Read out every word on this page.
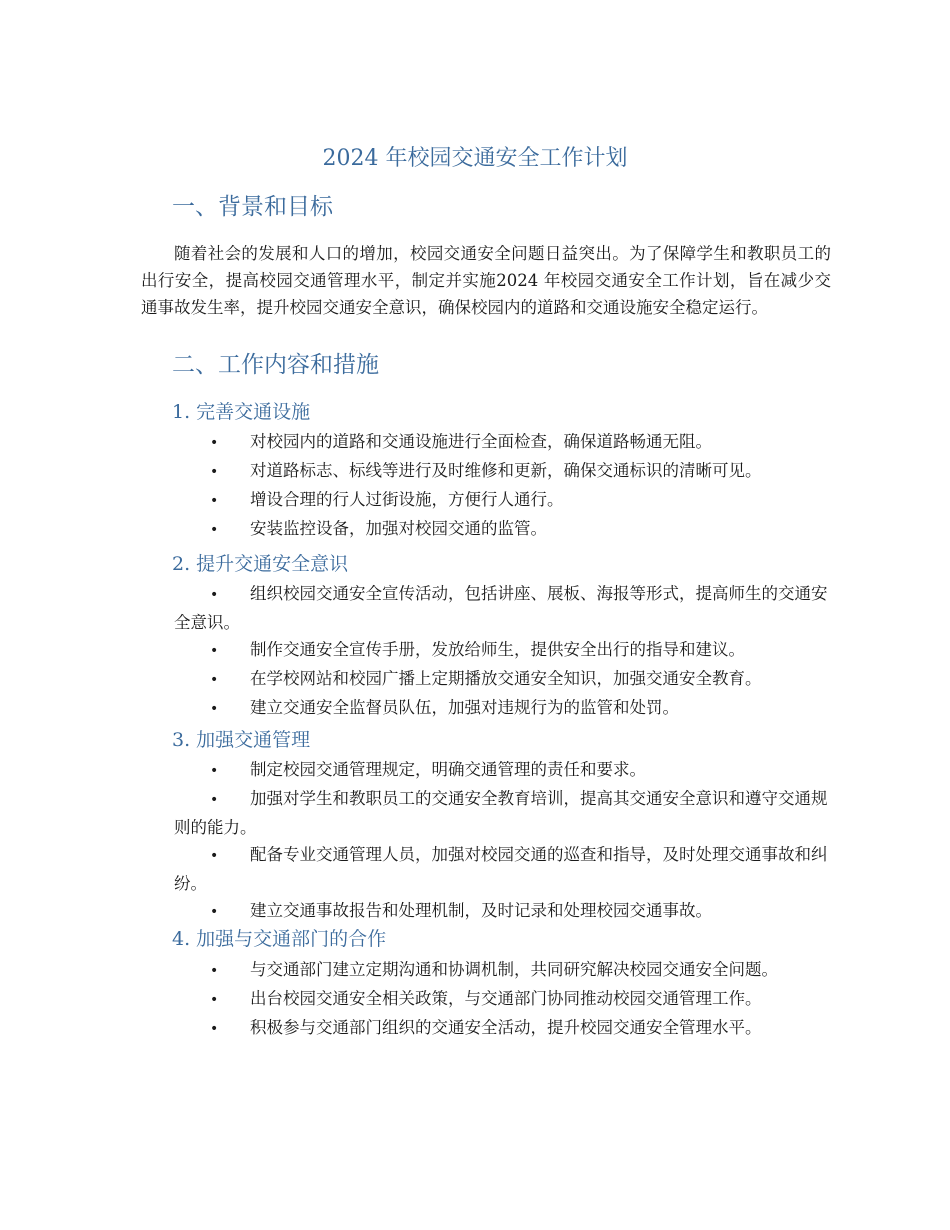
2024 年校园交通安全工作计划
一、背景和目标

随着社会的发展和人口的增加，校园交通安全问题日益突出。为了保障学生和教职员工的出行安全，提高校园交通管理水平，制定并实施2024 年校园交通安全工作计划，旨在减少交通事故发生率，提升校园交通安全意识，确保校园内的道路和交通设施安全稳定运行。

二、工作内容和措施
1. 完善交通设施
• 对校园内的道路和交通设施进行全面检查，确保道路畅通无阻。
• 对道路标志、标线等进行及时维修和更新，确保交通标识的清晰可见。
• 增设合理的行人过街设施，方便行人通行。
• 安装监控设备，加强对校园交通的监管。
2. 提升交通安全意识
• 组织校园交通安全宣传活动，包括讲座、展板、海报等形式，提高师生的交通安全意识。
• 制作交通安全宣传手册，发放给师生，提供安全出行的指导和建议。
• 在学校网站和校园广播上定期播放交通安全知识，加强交通安全教育。
• 建立交通安全监督员队伍，加强对违规行为的监管和处罚。
3. 加强交通管理
• 制定校园交通管理规定，明确交通管理的责任和要求。
• 加强对学生和教职员工的交通安全教育培训，提高其交通安全意识和遵守交通规则的能力。
• 配备专业交通管理人员，加强对校园交通的巡查和指导，及时处理交通事故和纠纷。
• 建立交通事故报告和处理机制，及时记录和处理校园交通事故。
4. 加强与交通部门的合作
• 与交通部门建立定期沟通和协调机制，共同研究解决校园交通安全问题。
• 出台校园交通安全相关政策，与交通部门协同推动校园交通管理工作。
• 积极参与交通部门组织的交通安全活动，提升校园交通安全管理水平。
